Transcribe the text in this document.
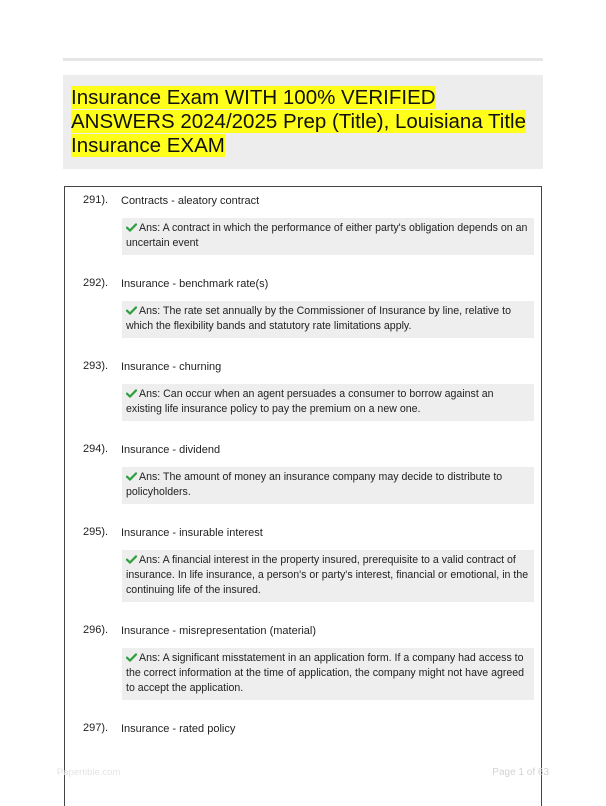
Insurance Exam WITH 100% VERIFIED ANSWERS 2024/2025 Prep (Title), Louisiana Title Insurance EXAM
291). Contracts - aleatory contract
Ans: A contract in which the performance of either party's obligation depends on an uncertain event
292). Insurance - benchmark rate(s)
Ans: The rate set annually by the Commissioner of Insurance by line, relative to which the flexibility bands and statutory rate limitations apply.
293). Insurance - churning
Ans: Can occur when an agent persuades a consumer to borrow against an existing life insurance policy to pay the premium on a new one.
294). Insurance - dividend
Ans: The amount of money an insurance company may decide to distribute to policyholders.
295). Insurance - insurable interest
Ans: A financial interest in the property insured, prerequisite to a valid contract of insurance. In life insurance, a person's or party's interest, financial or emotional, in the continuing life of the insured.
296). Insurance - misrepresentation (material)
Ans: A significant misstatement in an application form. If a company had access to the correct information at the time of application, the company might not have agreed to accept the application.
297). Insurance - rated policy
Papertible.com	Page 1 of 63
